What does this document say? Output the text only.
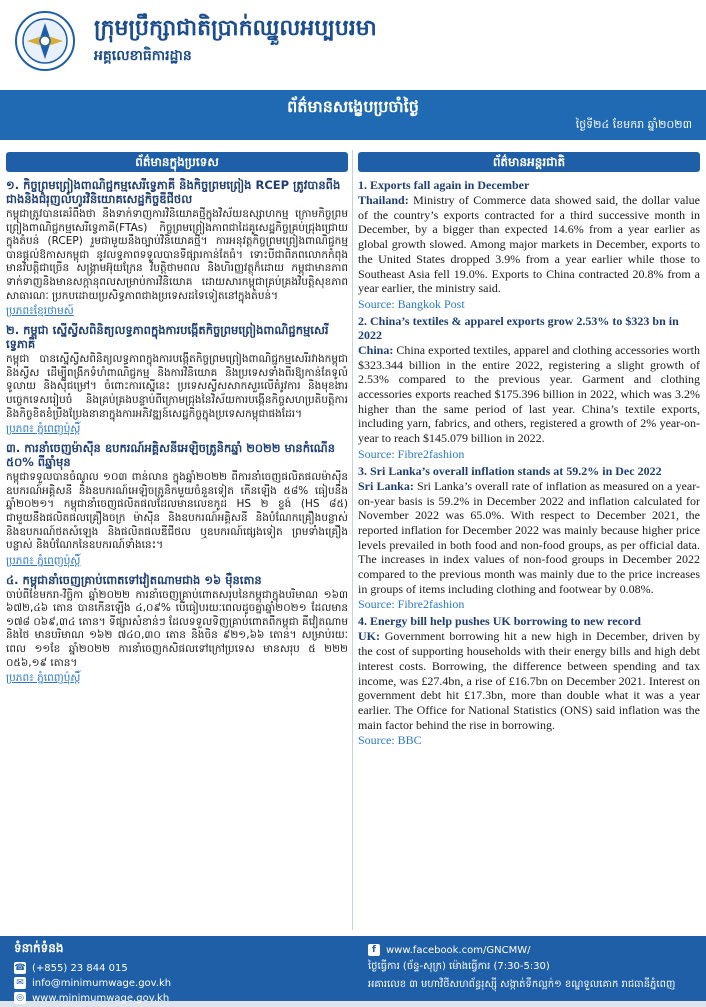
ក្រុមប្រឹក្សាជាតិប្រាក់ឈ្នួលអប្បបរមា
អគ្គលេខាធិការដ្ឋាន
ព័ត៌មានសង្ខេបប្រចាំថ្ងៃ
ថ្ងៃទី២៤ ខែមករា ឆ្នាំ២០២៣
ព័ត៌មានក្នុងប្រទេស	ព័ត៌មានអន្តរជាតិ

១. កិច្ចព្រមព្រៀងពាណិជ្ជកម្មសេរីទ្វេភាគី និងកិច្ចព្រមព្រៀង RCEP ត្រូវបានពឹងជាងនិងជំរុញលំហូរវិនិយោគសេដ្ឋកិច្ចឌីជីថល

កម្ពុជាត្រូវបានគេរំពឹងថា នឹងទាក់ទាញការវិនិយោគថ្មីក្នុងវិស័យឧស្សាហកម្ម ក្រោមកិច្ចព្រមព្រៀងពាណិជ្ជកម្មសេរីទ្វេភាគី(FTAs) កិច្ចព្រមព្រៀងភាពជាដៃគូសេដ្ឋកិច្ចគ្រប់ជ្រុងជ្រោយ ក្នុងតំបន់ (RCEP) រួមជាមួយនឹងច្បាប់វិនិយោគថ្មី។ ការអនុវត្តកិច្ចព្រមព្រៀងពាណិជ្ជកម្មបានផ្តល់ឱកាសកម្ពុជា នូវលទ្ធភាពទទួលបានទីផ្សារកាន់តែធំ។ ទោះបីជាពិភពលោកកំពុងមានវិបត្តិជាច្រើន សង្គ្រាមអ៊ុយក្រែន វិបត្តិថាមពល និងហិរញ្ញវត្ថុក៏ដោយ កម្ពុជាមានភាពទាក់ទាញនិងមានសក្តានុពលសម្រាប់ការវិនិយោគ ដោយសារកម្ពុជាគ្រប់គ្រងវិបត្តិសុខភាពសាធារណៈ ប្រកបដោយប្រសិទ្ធភាពជាងប្រទេសដទៃទៀតនៅក្នុងតំបន់។

ប្រភព៖ខ្មែរថាមស៍

២. កម្ពុជា ស្នើស្វីសពិនិត្យលទ្ធភាពក្នុងការបង្កើតកិច្ចព្រមព្រៀងពាណិជ្ជកម្មសេរីទ្វេភាគី

កម្ពុជា បានស្នើស្វីសពិនិត្យលទ្ធភាពក្នុងការបង្កើតកិច្ចព្រមព្រៀងពាណិជ្ជកម្មសេរីរវាងកម្ពុជា និងស្វីស ដើម្បីពង្រីកទំហំពាណិជ្ជកម្ម និងការវិនិយោគ និងប្រទេសទាំងពីរឱ្យកាន់តែទូលំទូលាយ និងស៊ីជម្រៅ។ ចំពោះការស្នើនេះ ប្រទេសស្វីសសាកសួរលើតំរូវការ និងមុខងារបច្ចេកទេសរៀបចំ និងគ្រប់គ្រងបន្ទាប់ពីក្រោមជ្រុងនៃវិស័យការបង្កើនកិច្ចសហប្រតិបត្តិការ និងកិច្ចខិតខំប្រឹងប្រែងនានាក្នុងការអភិវឌ្ឍន៍សេដ្ឋកិច្ចក្នុងប្រទេសកម្ពុជាផងដែរ។

ប្រភព៖ ភ្នំពេញប៉ុស្តិ៍

៣. ការនាំចេញម៉ាស៊ីន ឧបករណ៍អគ្គិសនីអេឡិចត្រូនិកឆ្នាំ ២០២២ មានកំណើន ៥០% ពីឆ្នាំមុន

កម្ពុជាទទួលបានចំណូល ១០៣ ពាន់លាន ក្នុងឆ្នាំ២០២២ ពីការនាំចេញផលិតផលម៉ាស៊ីន ឧបករណ៍អគ្គិសនី និងឧបករណ៍អេឡិចត្រូនិកមួយចំនួនទៀត កើនឡើង ៥៨% ធៀបនឹងឆ្នាំ២០២១។ កម្ពុជានាំចេញផលិតផលដែលមានលេខកូដ HS ២ ខ្ទង់ (HS ៨៥) ជាមួយនឹងផលិតផលគ្រឿងចក្រ ម៉ាស៊ីន និងឧបករណ៍អគ្គិសនី និងបំណែកគ្រឿងបន្លាស់ និងឧបករណ៍ថតសំឡេង និងផលិតផលឌីជីថល ឬឧបករណ៍ផ្សេងទៀត ព្រមទាំងគ្រឿងបន្លាស់ និងបំណែកនៃឧបករណ៍ទាំងនេះ។

ប្រភព៖ ភ្នំពេញប៉ុស្តិ៍

៤. កម្ពុជានាំចេញគ្រាប់ពោតទៅវៀតណាមជាង ១៦ ម៉ឺនតោន

ចាប់ពីខែមករា-វិច្ឆិកា ឆ្នាំ២០២២ ការនាំចេញគ្រាប់ពោតសរុបនៃកម្ពុជាក្នុងបរិមាណ ១៦៣ ៦៧២,៤៦ តោន បានកើនឡើង ៤,០៩% បើធៀបរយៈពេលដូចគ្នាឆ្នាំ២០២១ ដែលមាន ១៧៨ ០៦៩,៣៤ តោន។ ទីផ្សារសំខាន់ៗ ដែលទទួលទិញគ្រាប់ពោតពីកម្ពុជា គឺវៀតណាម និងថៃ មានបរិមាណ ១៦២ ៧៤០,៣០ តោន និងចិន ៩២១,៦៦ តោន។ សម្រាប់រយៈពេល ១១ខែ ឆ្នាំ២០២២ ការនាំចេញកសិផលទៅក្រៅប្រទេស មានសរុប ៥ ២២២ ០៥៦,១៩ តោន។

ប្រភព៖ ភ្នំពេញប៉ុស្តិ៍

1. Exports fall again in December

Thailand: Ministry of Commerce data showed said, the dollar value of the country’s exports contracted for a third successive month in December, by a bigger than expected 14.6% from a year earlier as global growth slowed. Among major markets in December, exports to the United States dropped 3.9% from a year earlier while those to Southeast Asia fell 19.0%. Exports to China contracted 20.8% from a year earlier, the ministry said.

Source: Bangkok Post

2. China’s textiles & apparel exports grow 2.53% to $323 bn in 2022

China: China exported textiles, apparel and clothing accessories worth $323.344 billion in the entire 2022, registering a slight growth of 2.53% compared to the previous year. Garment and clothing accessories exports reached $175.396 billion in 2022, which was 3.2% higher than the same period of last year. China’s textile exports, including yarn, fabrics, and others, registered a growth of 2% year-on-year to reach $145.079 billion in 2022.

Source: Fibre2fashion

3. Sri Lanka’s overall inflation stands at 59.2% in Dec 2022

Sri Lanka: Sri Lanka’s overall rate of inflation as measured on a year-on-year basis is 59.2% in December 2022 and inflation calculated for November 2022 was 65.0%. With respect to December 2021, the reported inflation for December 2022 was mainly because higher price levels prevailed in both food and non-food groups, as per official data. The increases in index values of non-food groups in December 2022 compared to the previous month was mainly due to the price increases in groups of items including clothing and footwear by 0.08%.

Source: Fibre2fashion

4. Energy bill help pushes UK borrowing to new record

UK: Government borrowing hit a new high in December, driven by the cost of supporting households with their energy bills and high debt interest costs. Borrowing, the difference between spending and tax income, was £27.4bn, a rise of £16.7bn on December 2021. Interest on government debt hit £17.3bn, more than double what it was a year earlier. The Office for National Statistics (ONS) said inflation was the main factor behind the rise in borrowing.

Source: BBC

ទំនាក់ទំនង
☎ (+855) 23 844 015
✉ info@minimumwage.gov.kh
◎ www.minimumwage.gov.kh
f	www.facebook.com/GNCMW/
ថ្ងៃធ្វើការ (ច័ន្ទ-សុក្រ) ម៉ោងធ្វើការ (7:30-5:30)
អគារលេខ ៣ មហាវិថីសហព័ន្ធរុស្ស៊ី សង្កាត់ទឹកល្អក់១ ខណ្ឌទួលគោក រាជធានីភ្នំពេញ
